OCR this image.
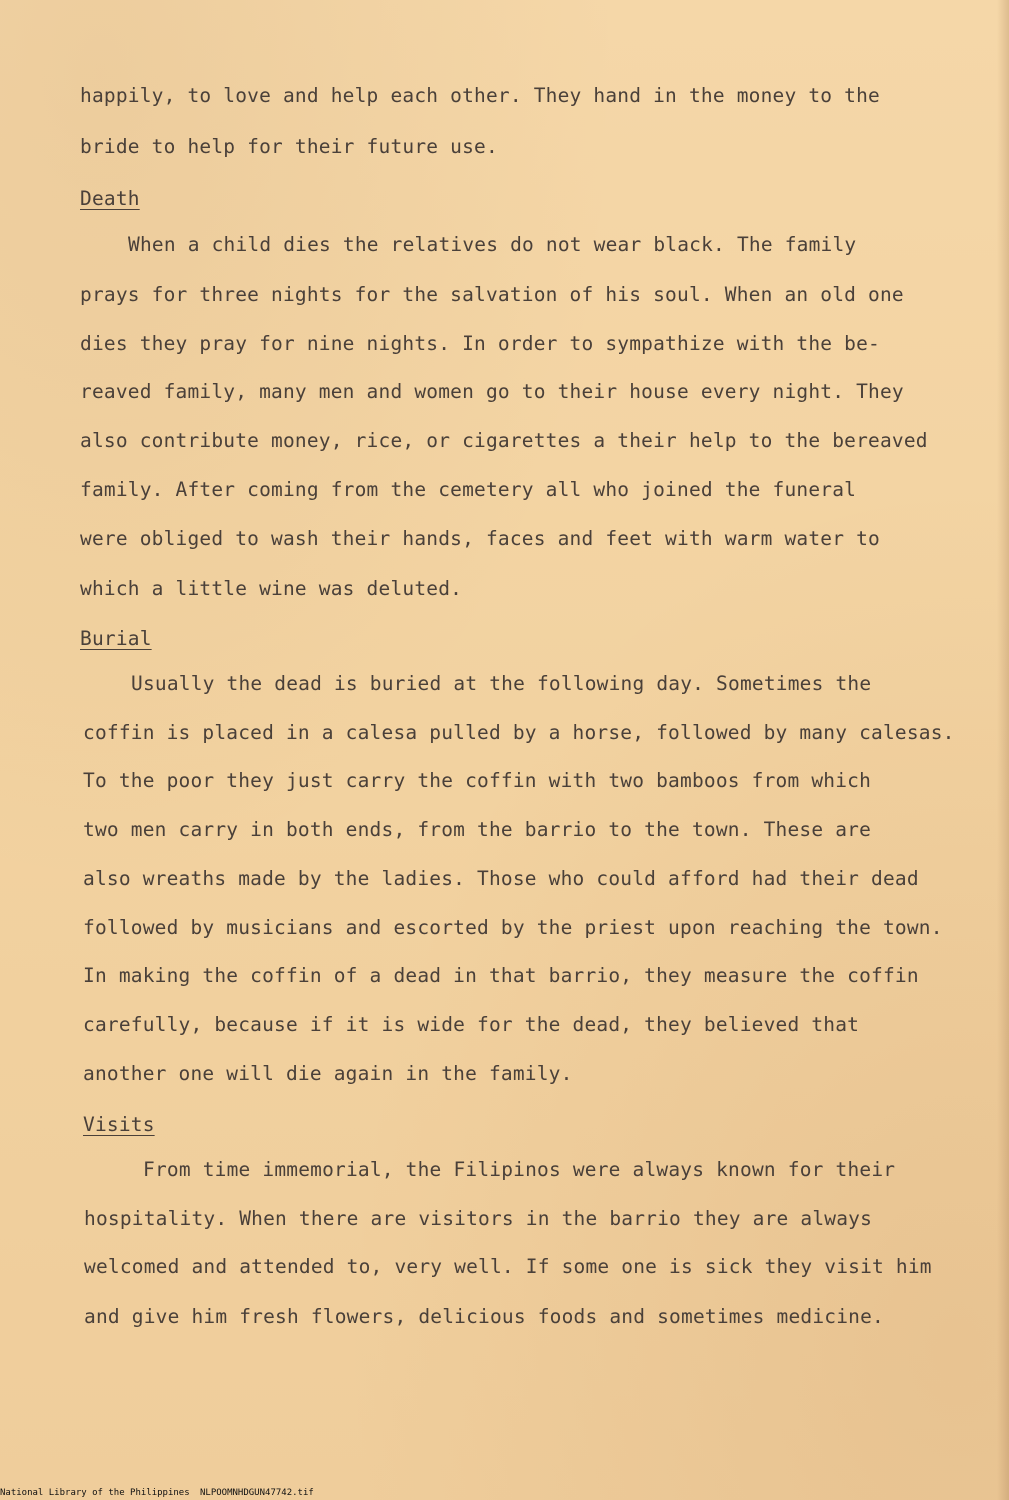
happily, to love and help each other. They hand in the money to the

bride to help for their future use.

Death

When a child dies the relatives do not wear black. The family

prays for three nights for the salvation of his soul. When an old one

dies they pray for nine nights. In order to sympathize with the be-

reaved family, many men and women go to their house every night. They

also contribute money, rice, or cigarettes a their help to the bereaved

family. After coming from the cemetery all who joined the funeral

were obliged to wash their hands, faces and feet with warm water to

which a little wine was deluted.

Burial

Usually the dead is buried at the following day. Sometimes the

coffin is placed in a calesa pulled by a horse, followed by many calesas.

To the poor they just carry the coffin with two bamboos from which

two men carry in both ends, from the barrio to the town. These are

also wreaths made by the ladies. Those who could afford had their dead

followed by musicians and escorted by the priest upon reaching the town.

In making the coffin of a dead in that barrio, they measure the coffin

carefully, because if it is wide for the dead, they believed that

another one will die again in the family.

Visits

From time immemorial, the Filipinos were always known for their

hospitality. When there are visitors in the barrio they are always

welcomed and attended to, very well. If some one is sick they visit him

and give him fresh flowers, delicious foods and sometimes medicine.

National Library of the Philippines NLPOOMNHDGUN47742.tif
